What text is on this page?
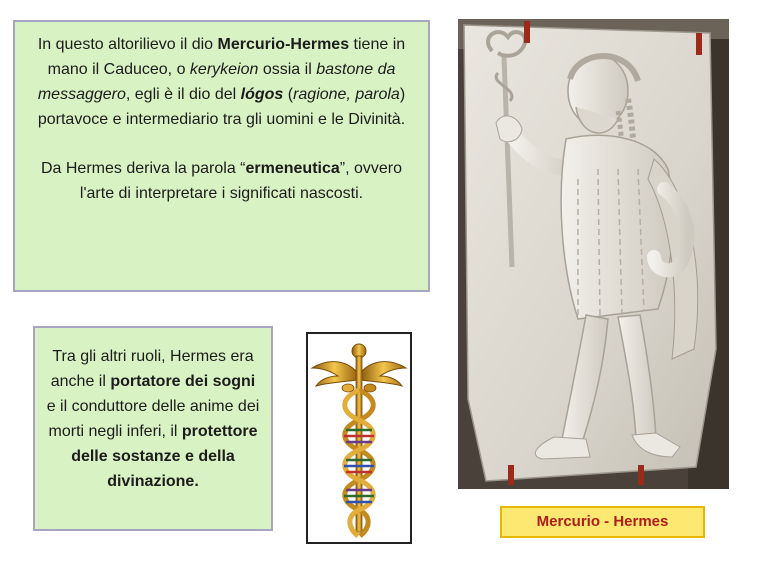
In questo altorilievo il dio Mercurio-Hermes tiene in mano il Caduceo, o kerykeion ossia il bastone da messaggero, egli è il dio del lógos (ragione, parola) portavoce e intermediario tra gli uomini e le Divinità.

Da Hermes deriva la parola “ermeneutica”, ovvero l'arte di interpretare i significati nascosti.

Tra gli altri ruoli, Hermes era anche il portatore dei sogni e il conduttore delle anime dei morti negli inferi, il protettore delle sostanze e della divinazione.

Mercurio - Hermes
